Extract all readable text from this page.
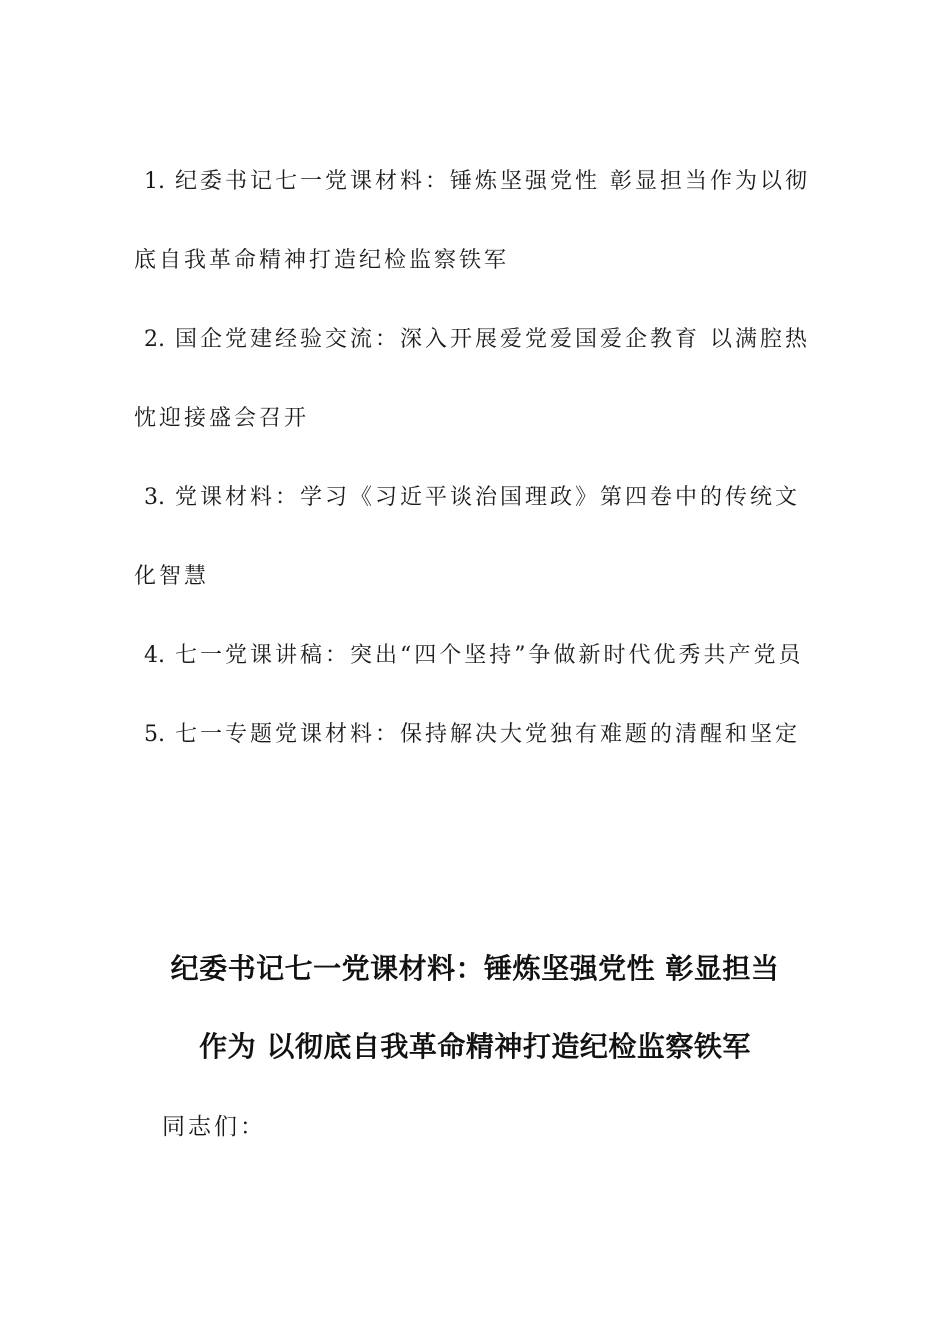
1. 纪委书记七一党课材料：锤炼坚强党性 彰显担当作为以彻底自我革命精神打造纪检监察铁军

2. 国企党建经验交流：深入开展爱党爱国爱企教育 以满腔热忱迎接盛会召开

3. 党课材料：学习《习近平谈治国理政》第四卷中的传统文化智慧

4. 七一党课讲稿：突出“四个坚持”争做新时代优秀共产党员

5. 七一专题党课材料：保持解决大党独有难题的清醒和坚定

纪委书记七一党课材料：锤炼坚强党性 彰显担当
作为 以彻底自我革命精神打造纪检监察铁军
同志们：
